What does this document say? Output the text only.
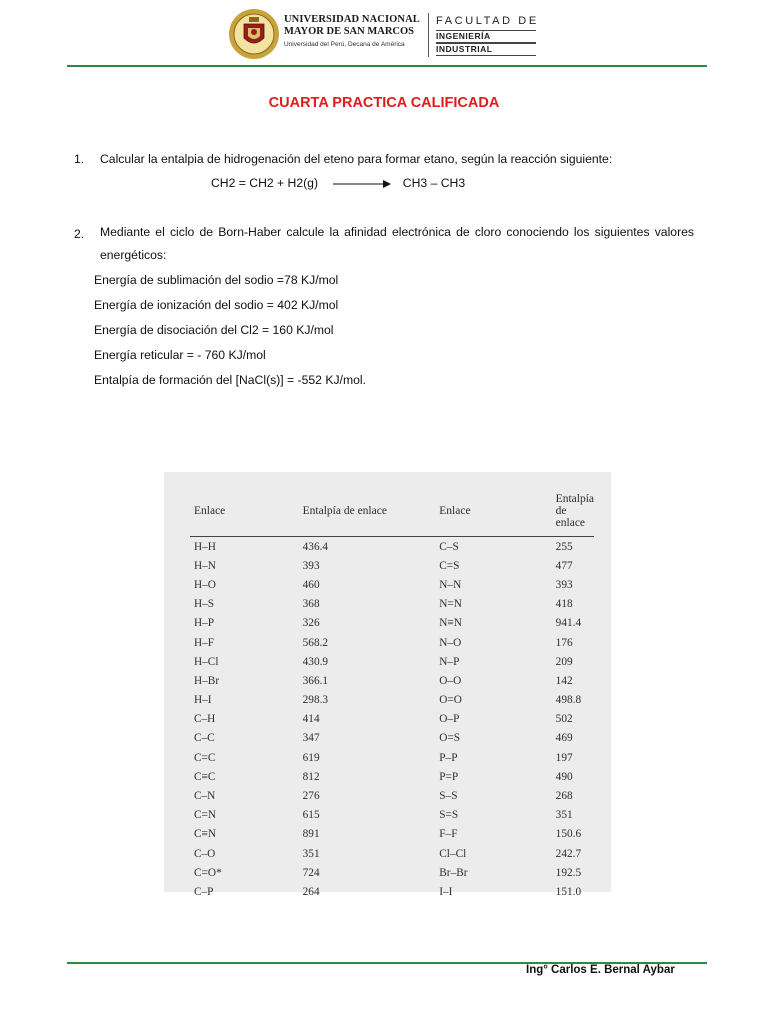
UNIVERSIDAD NACIONAL
MAYOR DE SAN MARCOS
Universidad del Perú, Decana de América
FACULTAD DE
INGENIERÍA
INDUSTRIAL
CUARTA PRACTICA CALIFICADA
1. Calcular la entalpia de hidrogenación del eteno para formar etano, según la reacción siguiente:
CH2 = CH2 + H2(g)	CH3 – CH3
2. Mediante el ciclo de Born-Haber calcule la afinidad electrónica de cloro conociendo los siguientes valores energéticos:
Energía de sublimación del sodio =78 KJ/mol
Energía de ionización del sodio = 402 KJ/mol
Energía de disociación del Cl2 = 160 KJ/mol
Energía reticular = - 760 KJ/mol
Entalpía de formación del [NaCl(s)] = -552 KJ/mol.
Enlace	Entalpía de enlace	Enlace	Entalpía de enlace
H–H	436.4	C–S	255
H–N	393	C=S	477
H–O	460	N–N	393
H–S	368	N=N	418
H–P	326	N≡N	941.4
H–F	568.2	N–O	176
H–Cl	430.9	N–P	209
H–Br	366.1	O–O	142
H–I	298.3	O=O	498.8
C–H	414	O–P	502
C–C	347	O=S	469
C=C	619	P–P	197
C≡C	812	P=P	490
C–N	276	S–S	268
C=N	615	S=S	351
C≡N	891	F–F	150.6
C–O	351	Cl–Cl	242.7
C=O*	724	Br–Br	192.5
C–P	264	I–I	151.0
Ing° Carlos E. Bernal Aybar
